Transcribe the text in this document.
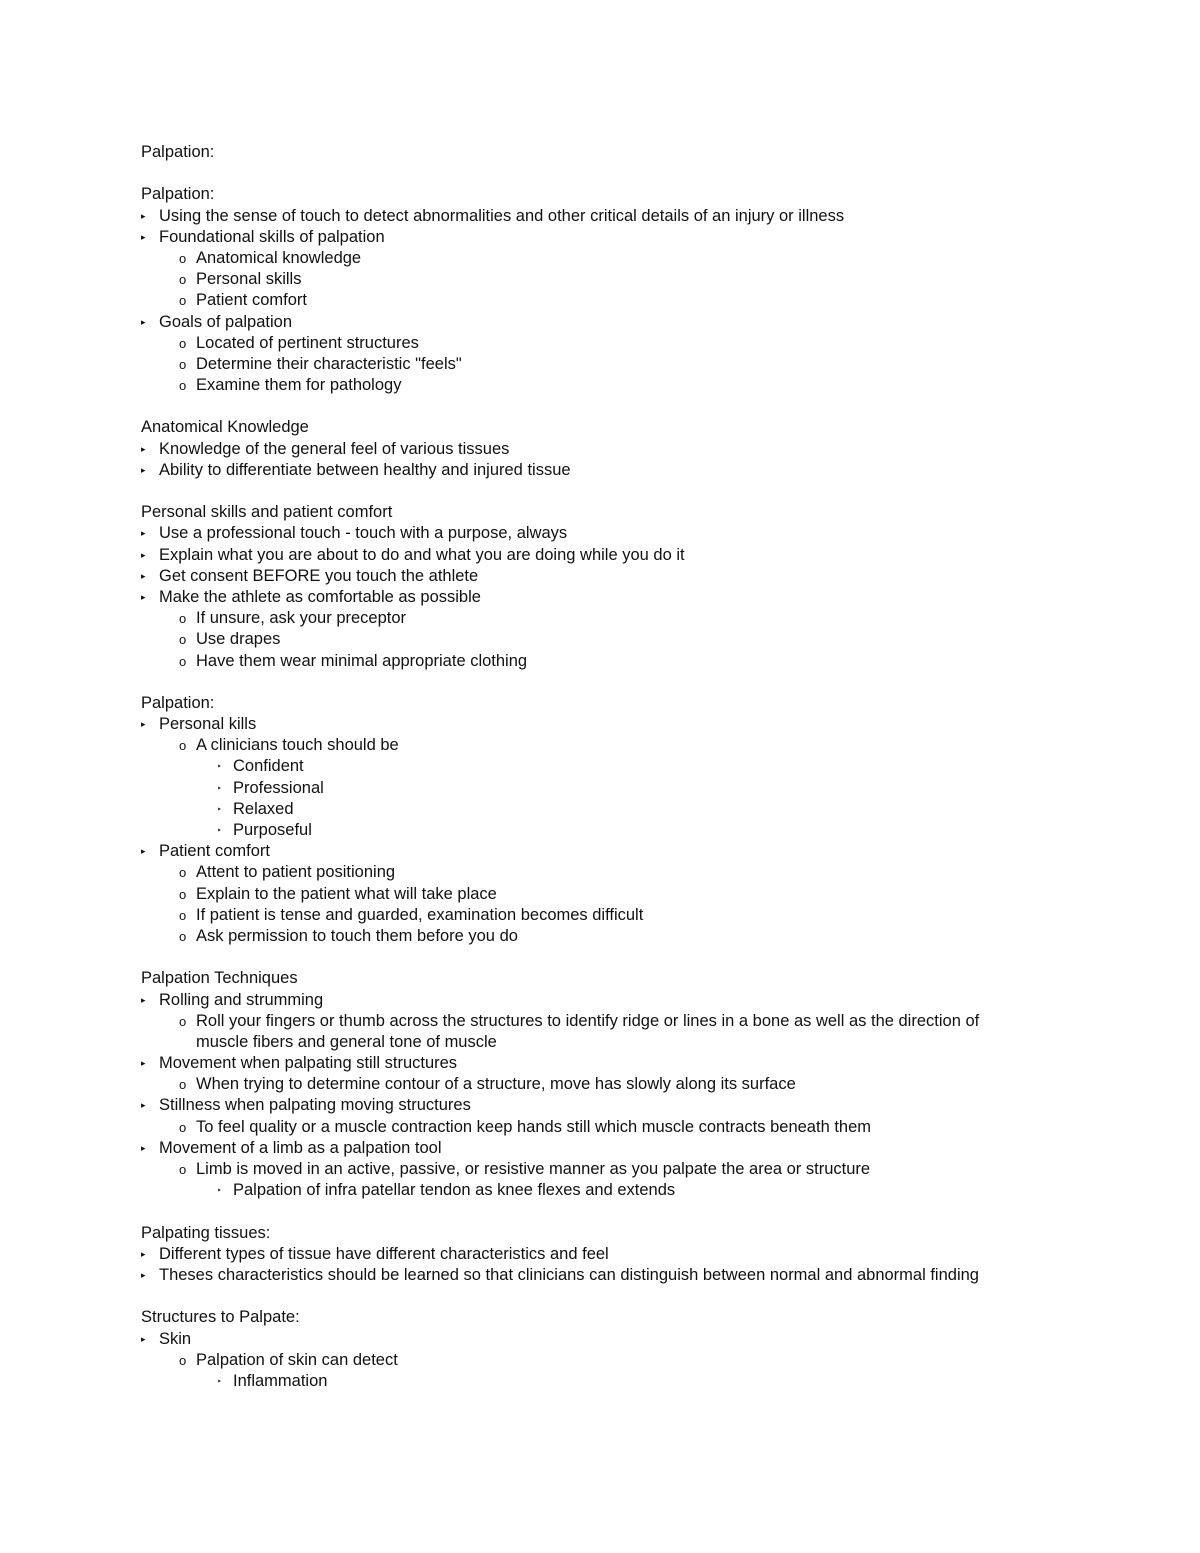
Palpation:
Palpation:
▸ Using the sense of touch to detect abnormalities and other critical details of an injury or illness
▸ Foundational skills of palpation
o Anatomical knowledge
o Personal skills
o Patient comfort
▸ Goals of palpation
o Located of pertinent structures
o Determine their characteristic "feels"
o Examine them for pathology
Anatomical Knowledge
▸ Knowledge of the general feel of various tissues
▸ Ability to differentiate between healthy and injured tissue
Personal skills and patient comfort
▸ Use a professional touch - touch with a purpose, always
▸ Explain what you are about to do and what you are doing while you do it
▸ Get consent BEFORE you touch the athlete
▸ Make the athlete as comfortable as possible
o If unsure, ask your preceptor
o Use drapes
o Have them wear minimal appropriate clothing
Palpation:
▸ Personal kills
o A clinicians touch should be
‣ Confident
‣ Professional
‣ Relaxed
‣ Purposeful
▸ Patient comfort
o Attent to patient positioning
o Explain to the patient what will take place
o If patient is tense and guarded, examination becomes difficult
o Ask permission to touch them before you do
Palpation Techniques
▸ Rolling and strumming
o Roll your fingers or thumb across the structures to identify ridge or lines in a bone as well as the direction of
muscle fibers and general tone of muscle
▸ Movement when palpating still structures
o When trying to determine contour of a structure, move has slowly along its surface
▸ Stillness when palpating moving structures
o To feel quality or a muscle contraction keep hands still which muscle contracts beneath them
▸ Movement of a limb as a palpation tool
o Limb is moved in an active, passive, or resistive manner as you palpate the area or structure
‣ Palpation of infra patellar tendon as knee flexes and extends
Palpating tissues:
▸ Different types of tissue have different characteristics and feel
▸ Theses characteristics should be learned so that clinicians can distinguish between normal and abnormal finding
Structures to Palpate:
▸ Skin
o Palpation of skin can detect
‣ Inflammation
